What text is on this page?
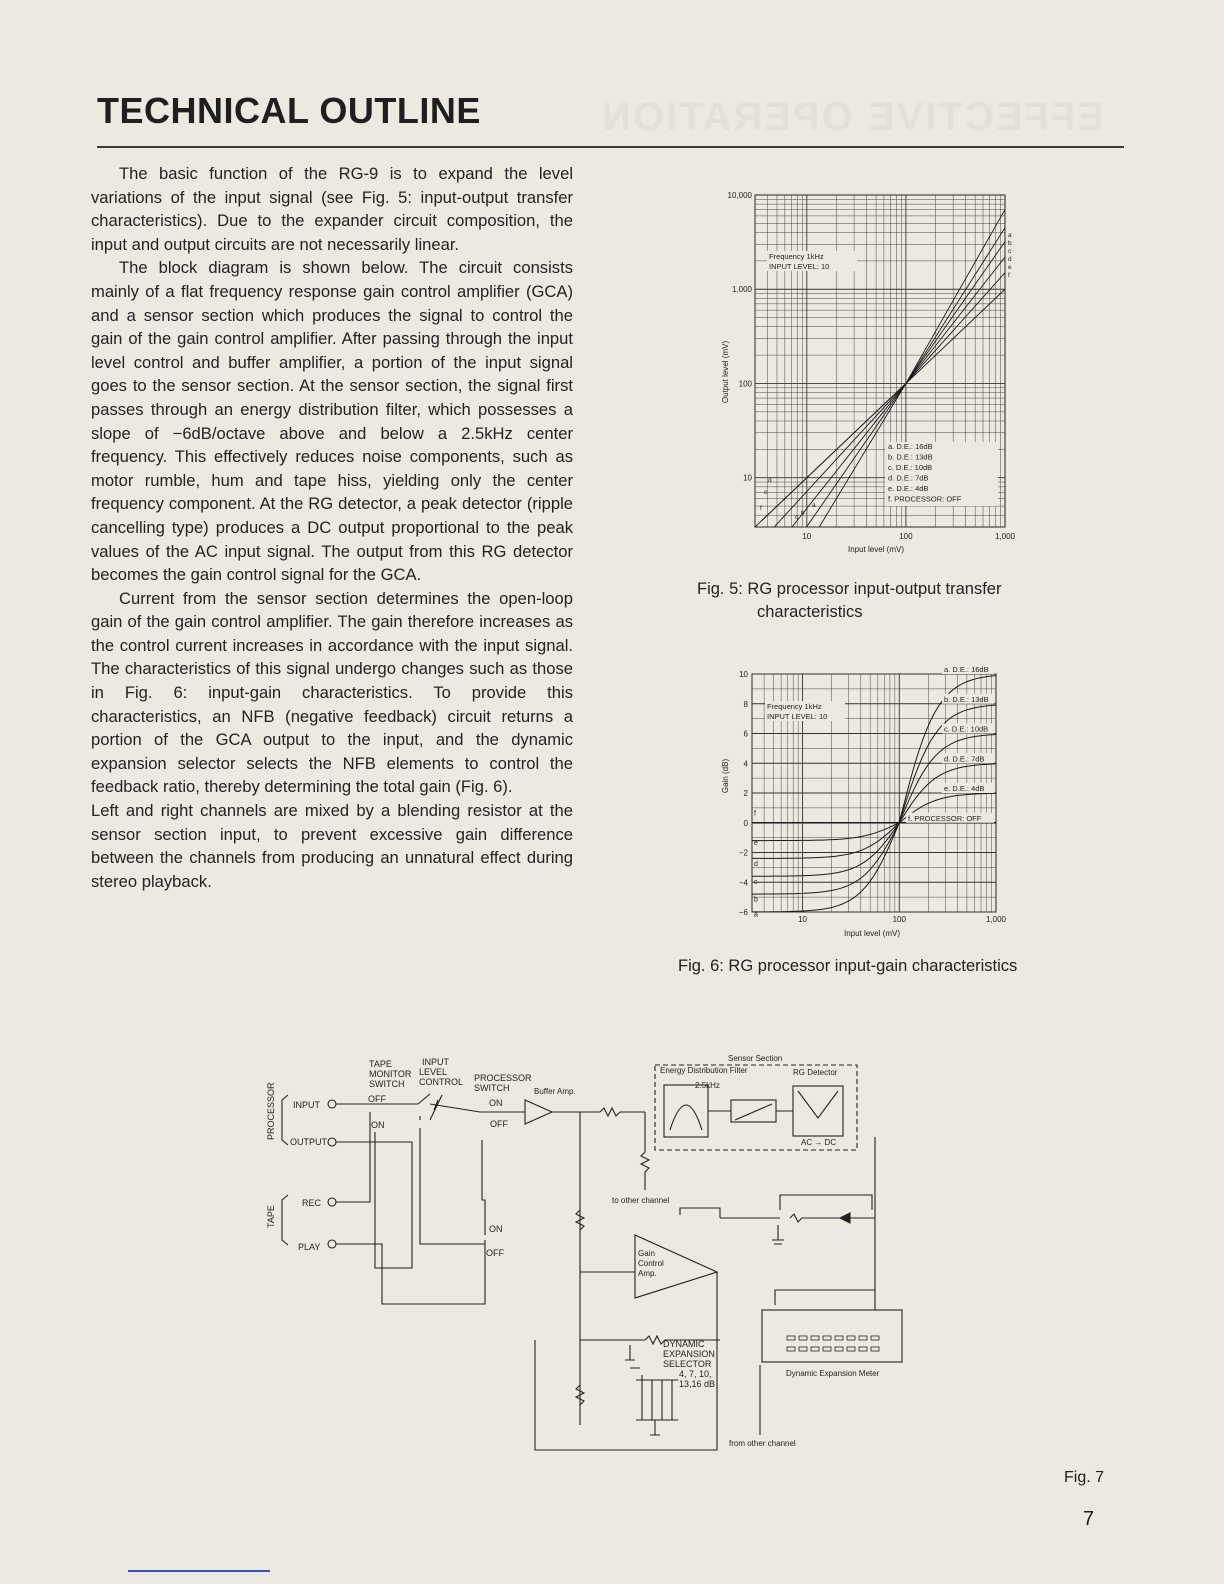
EFFECTIVE OPERATION
TECHNICAL OUTLINE

The basic function of the RG-9 is to expand the level variations of the input signal (see Fig. 5: input-output transfer characteristics). Due to the expander circuit composition, the input and output circuits are not necessarily linear.

The block diagram is shown below. The circuit consists mainly of a flat frequency response gain control amplifier (GCA) and a sensor section which produces the signal to control the gain of the gain control amplifier. After passing through the input level control and buffer amplifier, a portion of the input signal goes to the sensor section. At the sensor section, the signal first passes through an energy distribution filter, which possesses a slope of −6dB/octave above and below a 2.5kHz center frequency. This effectively reduces noise components, such as motor rumble, hum and tape hiss, yielding only the center frequency component. At the RG detector, a peak detector (ripple cancelling type) produces a DC output proportional to the peak values of the AC input signal. The output from this RG detector becomes the gain control signal for the GCA.

Current from the sensor section determines the open-loop gain of the gain control amplifier. The gain therefore increases as the control current increases in accordance with the input signal. The characteristics of this signal undergo changes such as those in Fig. 6: input-gain characteristics. To provide this characteristics, an NFB (negative feedback) circuit returns a portion of the GCA output to the input, and the dynamic expansion selector selects the NFB elements to control the feedback ratio, thereby determining the total gain (Fig. 6).

Left and right channels are mixed by a blending resistor at the sensor section input, to prevent excessive gain difference between the channels from producing an unnatural effect during stereo playback.

a
b
c
d
e
f
10
100
1,000
10,000
10	100	1,000
Frequency 1kHz
INPUT LEVEL: 10
a. D.E.: 16dB
b. D.E.: 13dB
c. D.E.: 10dB
d. D.E.: 7dB
e. D.E.: 4dB
f. PROCESSOR: OFF
d
e
f
c
b
a
Output level (mV)
Input level (mV)
Fig. 5: RG processor input-output transfer
characteristics
10
8
6
4
2
0
−2
−4
−6
10	100	1,000
Frequency 1kHz
INPUT LEVEL: 10
a. D.E.: 16dB
b. D.E.: 13dB
c. D.E.: 10dB
d. D.E.: 7dB
e. D.E.: 4dB
f. PROCESSOR: OFF
f
e
d
c
b
a
Gain (dB)
Input level (mV)
Fig. 6: RG processor input-gain characteristics
TAPE
MONITOR
SWITCH
INPUT
LEVEL
CONTROL PROCESSOR
SWITCH	Buffer Amp.
Sensor Section
Energy Distribution Filter
2.5kHz
RG Detector
AC → DC
INPUT
OUTPUT
REC
PLAY
OFF
ON
ON
OFF
ON
OFF
to other channel
from other channel
Gain
Control
Amp.
DYNAMIC
EXPANSION
SELECTOR
4, 7, 10,
13,16 dB
Dynamic Expansion Meter
PROCESSOR
TAPE
Fig. 7
7
